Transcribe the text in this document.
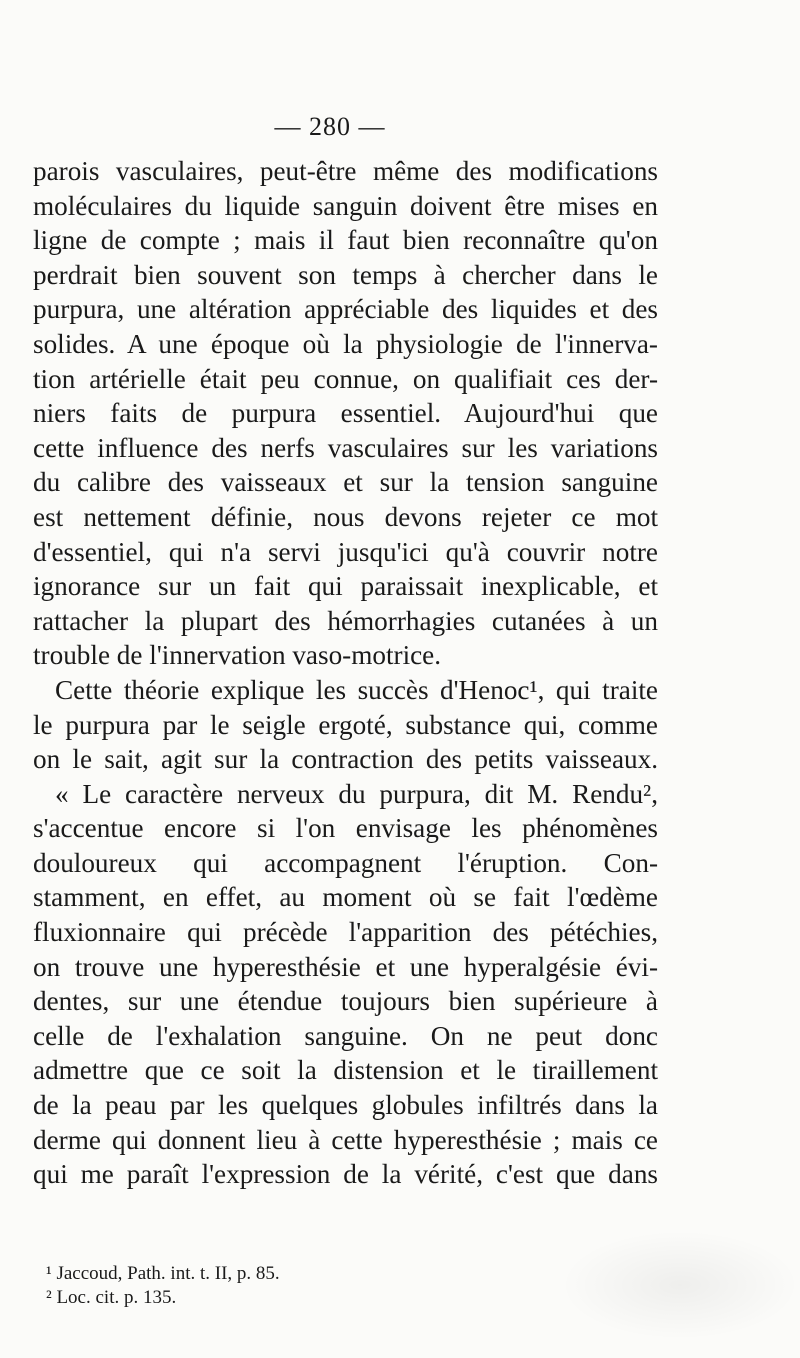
— 280 —
parois vasculaires, peut-être même des modifications
moléculaires du liquide sanguin doivent être mises en
ligne de compte ; mais il faut bien reconnaître qu'on
perdrait bien souvent son temps à chercher dans le
purpura, une altération appréciable des liquides et des
solides. A une époque où la physiologie de l'innerva-
tion artérielle était peu connue, on qualifiait ces der-
niers faits de purpura essentiel. Aujourd'hui que
cette influence des nerfs vasculaires sur les variations
du calibre des vaisseaux et sur la tension sanguine
est nettement définie, nous devons rejeter ce mot
d'essentiel, qui n'a servi jusqu'ici qu'à couvrir notre
ignorance sur un fait qui paraissait inexplicable, et
rattacher la plupart des hémorrhagies cutanées à un
trouble de l'innervation vaso-motrice.
Cette théorie explique les succès d'Henoc¹, qui traite
le purpura par le seigle ergoté, substance qui, comme
on le sait, agit sur la contraction des petits vaisseaux.
« Le caractère nerveux du purpura, dit M. Rendu²,
s'accentue encore si l'on envisage les phénomènes
douloureux qui accompagnent l'éruption. Con-
stamment, en effet, au moment où se fait l'œdème
fluxionnaire qui précède l'apparition des pétéchies,
on trouve une hyperesthésie et une hyperalgésie évi-
dentes, sur une étendue toujours bien supérieure à
celle de l'exhalation sanguine. On ne peut donc
admettre que ce soit la distension et le tiraillement
de la peau par les quelques globules infiltrés dans la
derme qui donnent lieu à cette hyperesthésie ; mais ce
qui me paraît l'expression de la vérité, c'est que dans
¹ Jaccoud, Path. int. t. II, p. 85.
² Loc. cit. p. 135.
